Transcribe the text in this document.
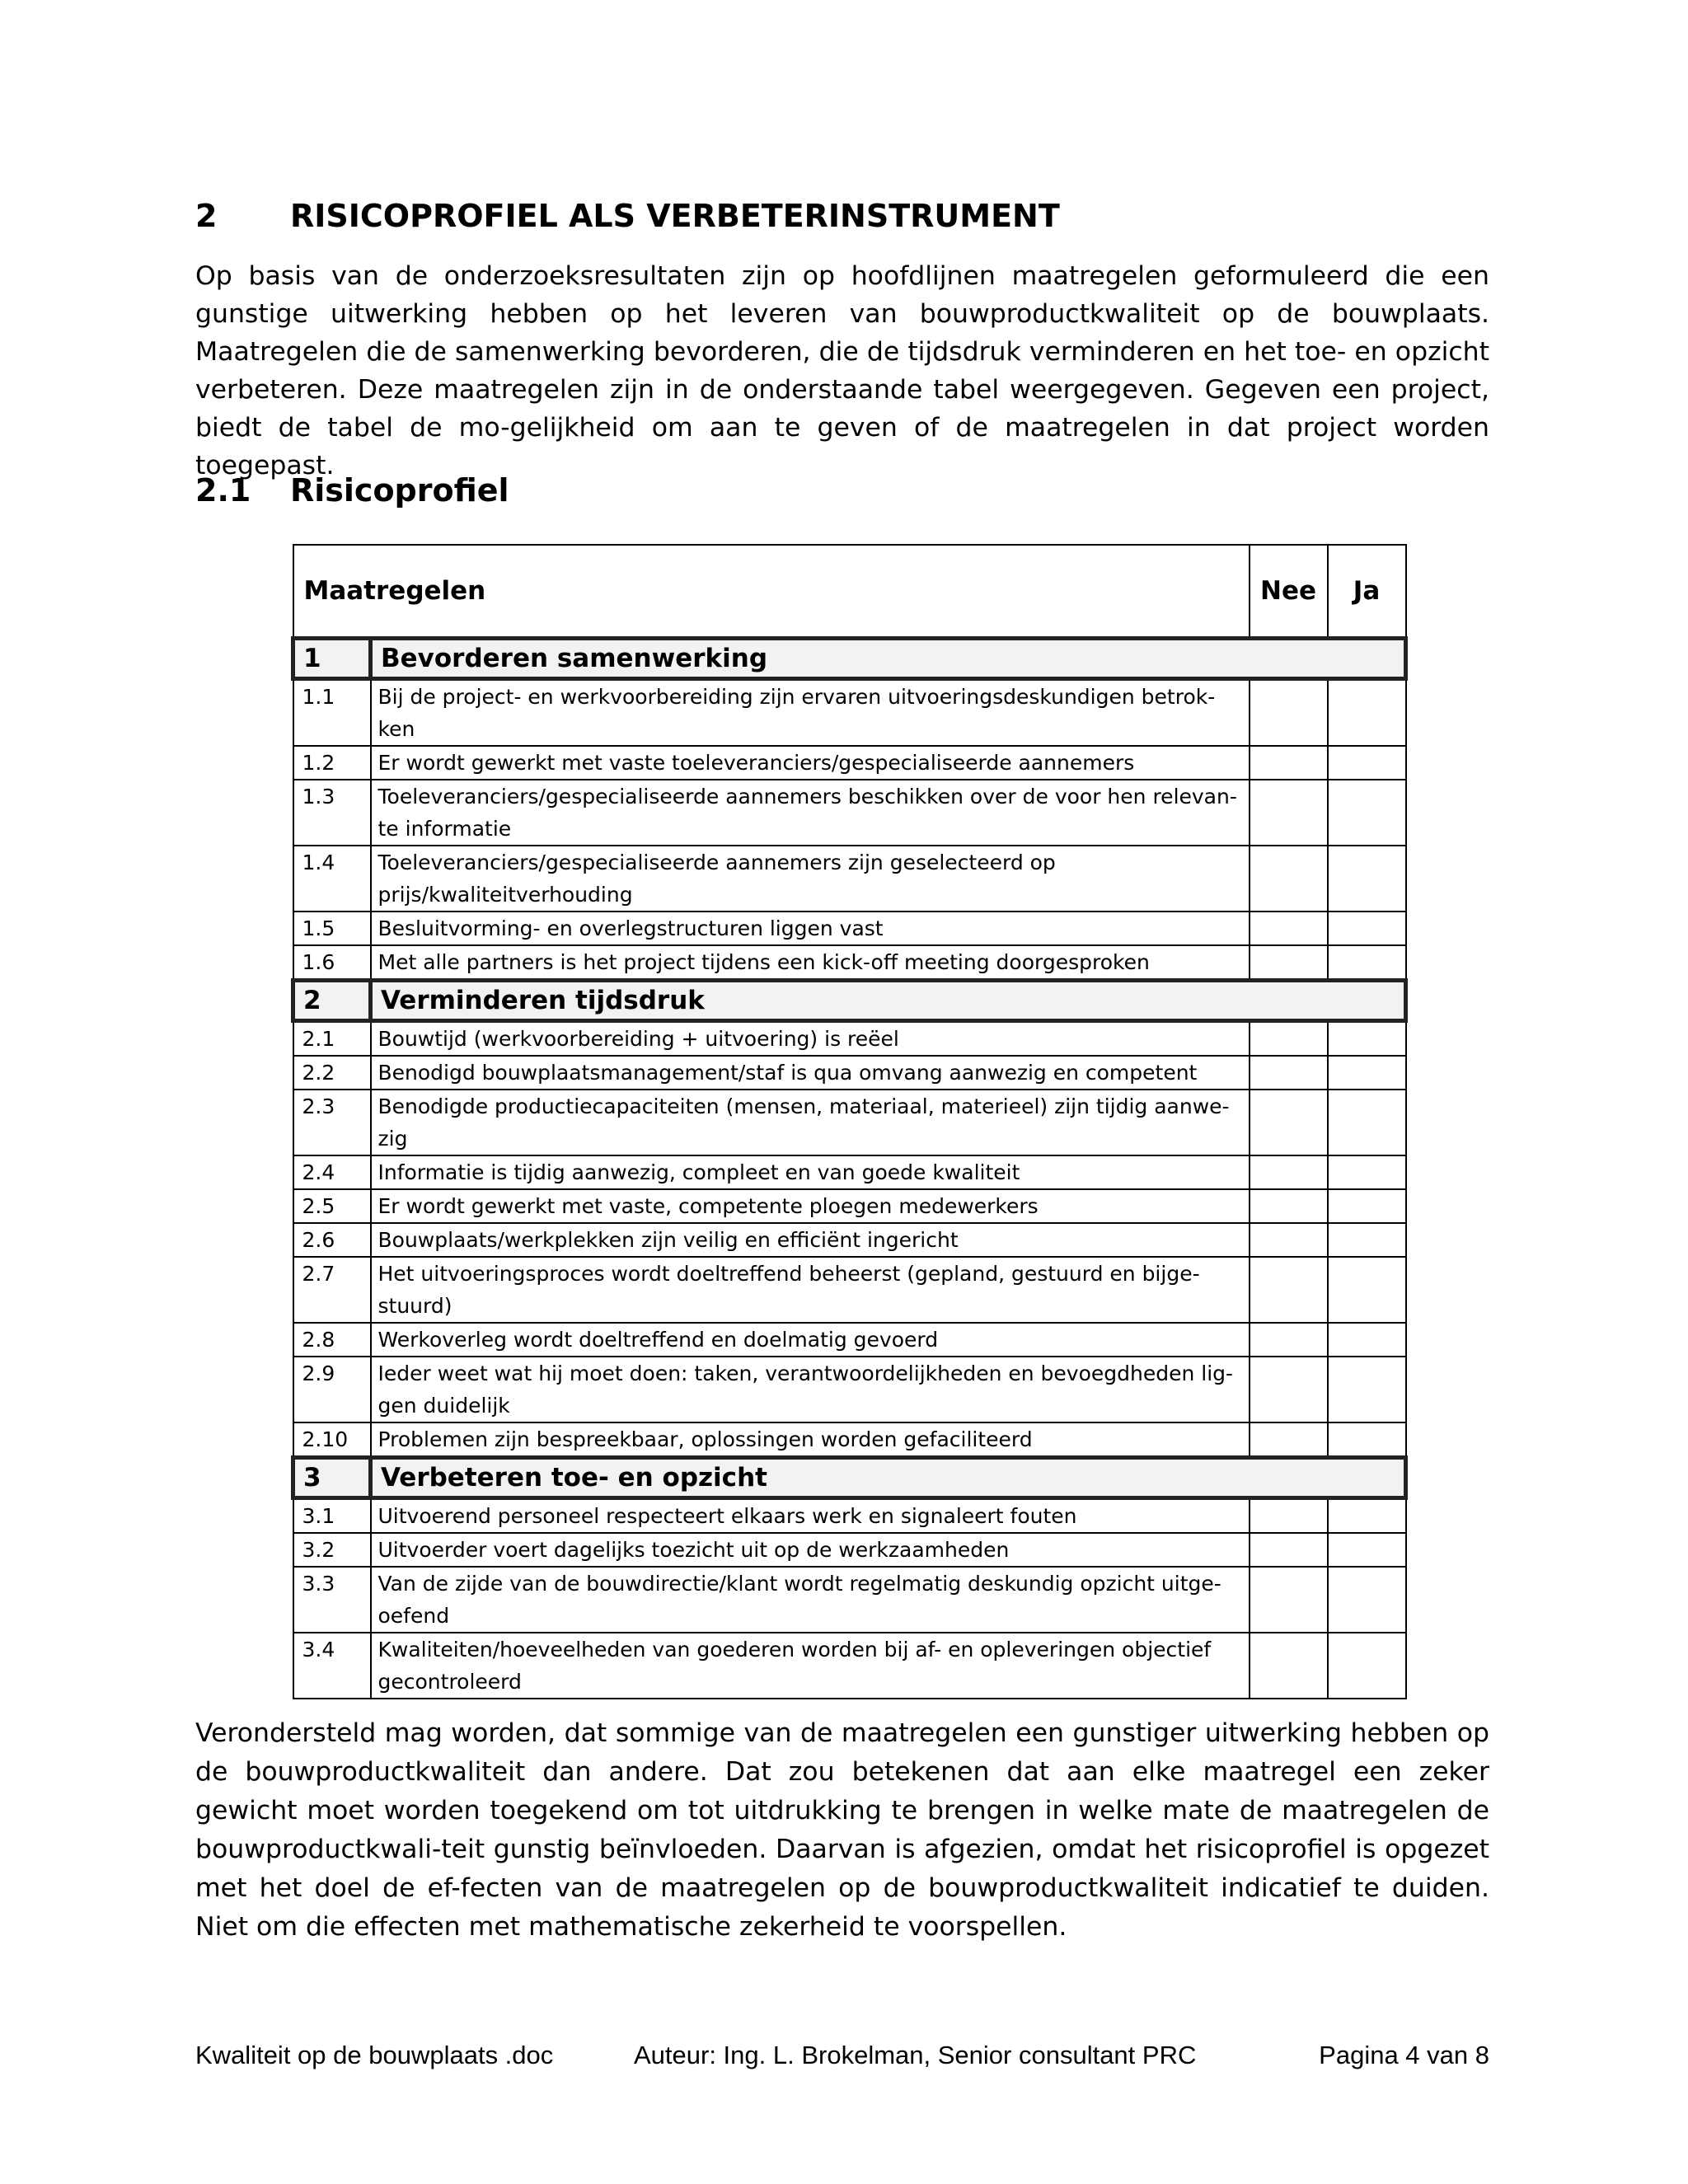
2 RISICOPROFIEL ALS VERBETERINSTRUMENT

Op basis van de onderzoeksresultaten zijn op hoofdlijnen maatregelen geformuleerd die een gunstige uitwerking hebben op het leveren van bouwproductkwaliteit op de bouwplaats. Maatregelen die de samenwerking bevorderen, die de tijdsdruk verminderen en het toe- en opzicht verbeteren. Deze maatregelen zijn in de onderstaande tabel weergegeven. Gegeven een project, biedt de tabel de mo-gelijkheid om aan te geven of de maatregelen in dat project worden toegepast.

2.1 Risicoprofiel
Maatregelen		Nee	Ja
1	Bevorderen samenwerking		
1.1	Bij de project- en werkvoorbereiding zijn ervaren uitvoeringsdeskundigen betrok-ken		
1.2	Er wordt gewerkt met vaste toeleveranciers/gespecialiseerde aannemers		
1.3	Toeleveranciers/gespecialiseerde aannemers beschikken over de voor hen relevan-te informatie		
1.4	Toeleveranciers/gespecialiseerde aannemers zijn geselecteerd op prijs/kwaliteitverhouding		
1.5	Besluitvorming- en overlegstructuren liggen vast		
1.6	Met alle partners is het project tijdens een kick-off meeting doorgesproken		
2	Verminderen tijdsdruk		
2.1	Bouwtijd (werkvoorbereiding + uitvoering) is reëel		
2.2	Benodigd bouwplaatsmanagement/staf is qua omvang aanwezig en competent		
2.3	Benodigde productiecapaciteiten (mensen, materiaal, materieel) zijn tijdig aanwe-zig		
2.4	Informatie is tijdig aanwezig, compleet en van goede kwaliteit		
2.5	Er wordt gewerkt met vaste, competente ploegen medewerkers		
2.6	Bouwplaats/werkplekken zijn veilig en efficiënt ingericht		
2.7	Het uitvoeringsproces wordt doeltreffend beheerst (gepland, gestuurd en bijge-stuurd)		
2.8	Werkoverleg wordt doeltreffend en doelmatig gevoerd		
2.9	Ieder weet wat hij moet doen: taken, verantwoordelijkheden en bevoegdheden lig-gen duidelijk		
2.10	Problemen zijn bespreekbaar, oplossingen worden gefaciliteerd		
3	Verbeteren toe- en opzicht		
3.1	Uitvoerend personeel respecteert elkaars werk en signaleert fouten		
3.2	Uitvoerder voert dagelijks toezicht uit op de werkzaamheden		
3.3	Van de zijde van de bouwdirectie/klant wordt regelmatig deskundig opzicht uitge-oefend		
3.4	Kwaliteiten/hoeveelheden van goederen worden bij af- en opleveringen objectief gecontroleerd		

Verondersteld mag worden, dat sommige van de maatregelen een gunstiger uitwerking hebben op de bouwproductkwaliteit dan andere. Dat zou betekenen dat aan elke maatregel een zeker gewicht moet worden toegekend om tot uitdrukking te brengen in welke mate de maatregelen de bouwproductkwali-teit gunstig beïnvloeden. Daarvan is afgezien, omdat het risicoprofiel is opgezet met het doel de ef-fecten van de maatregelen op de bouwproductkwaliteit indicatief te duiden. Niet om die effecten met mathematische zekerheid te voorspellen.

Kwaliteit op de bouwplaats .doc	Auteur: Ing. L. Brokelman, Senior consultant PRC	Pagina 4 van 8
